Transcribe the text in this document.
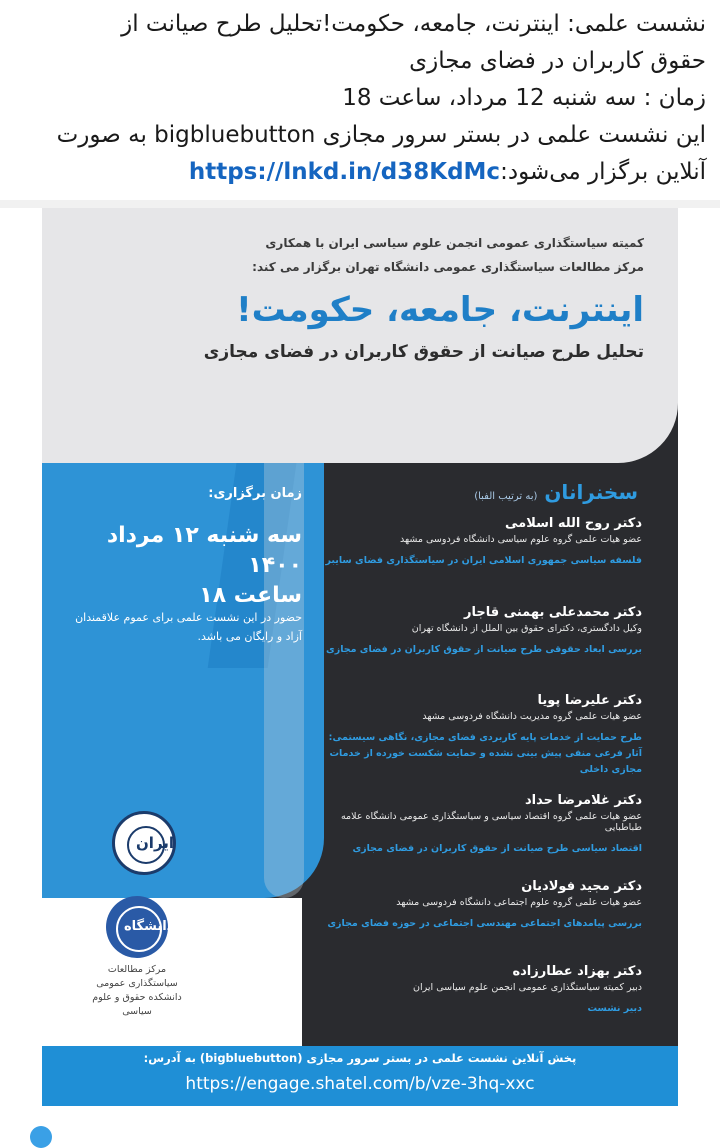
نشست علمی: اینترنت، جامعه، حکومت!تحلیل طرح صیانت از

حقوق کاربران در فضای مجازی

زمان : سه شنبه 12 مرداد، ساعت 18

این نشست علمی در بستر سرور مجازی bigbluebutton به صورت

آنلاین برگزار می‌شود:https://lnkd.in/d38KdMc

کمیته سیاستگذاری عمومی انجمن علوم سیاسی ایران با همکاری
مرکز مطالعات سیاستگذاری عمومی دانشگاه تهران برگزار می کند:
اینترنت، جامعه، حکومت!
تحلیل طرح صیانت از حقوق کاربران در فضای مجازی
سخنرانان (به ترتیب الفبا)
زمان برگزاری:
سه شنبه ۱۲ مرداد ۱۴۰۰
ساعت ۱۸
حضور در این نشست علمی برای عموم علاقمندان
آزاد و رایگان می باشد.
دکتر روح الله اسلامی
عضو هیات علمی گروه علوم سیاسی دانشگاه فردوسی مشهد
فلسفه سیاسی جمهوری اسلامی ایران در سیاستگذاری فضای سایبر
دکتر محمدعلی بهمنی قاجار
وکیل دادگستری، دکترای حقوق بین الملل از دانشگاه تهران
بررسی ابعاد حقوقی طرح صیانت از حقوق کاربران در فضای مجازی
دکتر علیرضا پویا
عضو هیات علمی گروه مدیریت دانشگاه فردوسی مشهد
طرح حمایت از خدمات پایه کاربردی فضای مجازی، نگاهی سیستمی:
آثار فرعی منفی پیش بینی نشده و حمایت شکست خورده از خدمات مجازی داخلی
دکتر غلامرضا حداد
عضو هیات علمی گروه اقتصاد سیاسی و سیاستگذاری عمومی دانشگاه علامه طباطبایی
اقتصاد سیاسی طرح صیانت از حقوق کاربران در فضای مجازی
دکتر مجید فولادیان
عضو هیات علمی گروه علوم اجتماعی دانشگاه فردوسی مشهد
بررسی پیامدهای اجتماعی مهندسی اجتماعی در حوزه فضای مجازی
دکتر بهزاد عطارزاده
دبیر کمیته سیاستگذاری عمومی انجمن علوم سیاسی ایران
دبیر نشست
ایران
دانشگاه
مرکز مطالعات سیاستگذاری عمومی دانشکده حقوق و علوم سیاسی
پخش آنلاین نشست علمی در بستر سرور مجازی (bigbluebutton) به آدرس:
https://engage.shatel.com/b/vze-3hq-xxc
